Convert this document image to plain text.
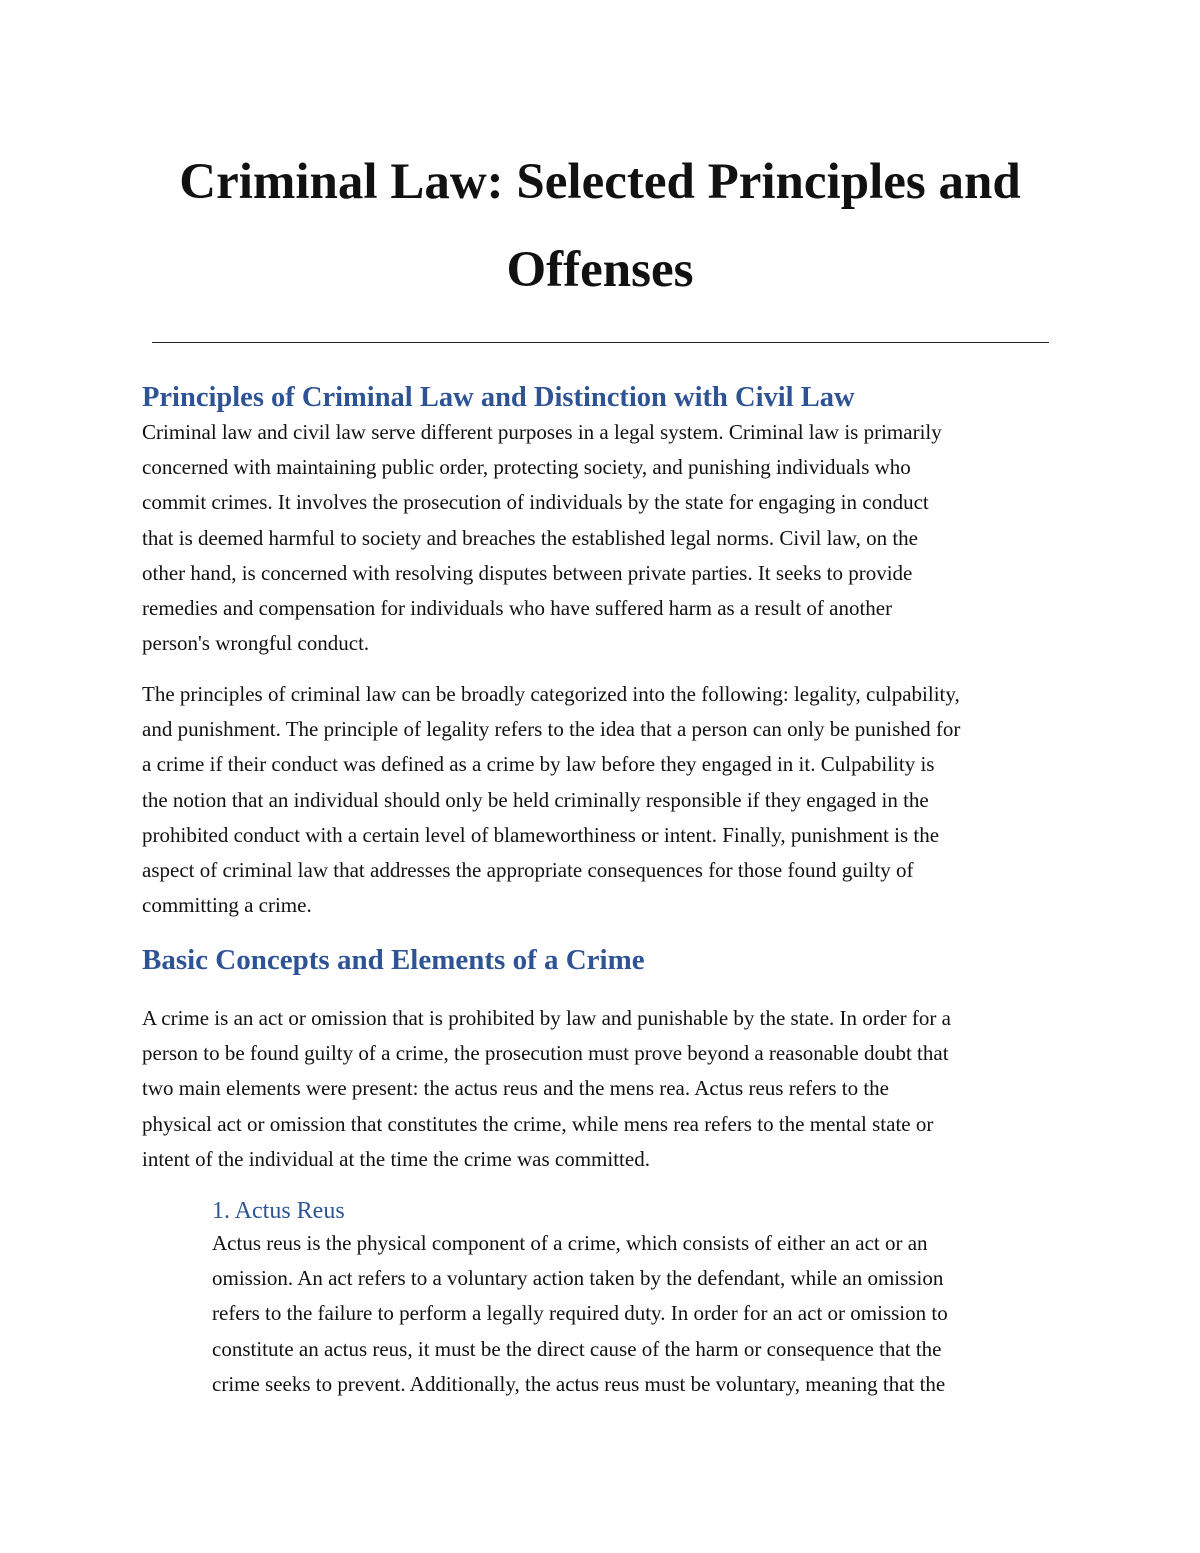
Criminal Law: Selected Principles and Offenses
Principles of Criminal Law and Distinction with Civil Law

Criminal law and civil law serve different purposes in a legal system. Criminal law is primarily
concerned with maintaining public order, protecting society, and punishing individuals who
commit crimes. It involves the prosecution of individuals by the state for engaging in conduct
that is deemed harmful to society and breaches the established legal norms. Civil law, on the
other hand, is concerned with resolving disputes between private parties. It seeks to provide
remedies and compensation for individuals who have suffered harm as a result of another
person's wrongful conduct.

The principles of criminal law can be broadly categorized into the following: legality, culpability,
and punishment. The principle of legality refers to the idea that a person can only be punished for
a crime if their conduct was defined as a crime by law before they engaged in it. Culpability is
the notion that an individual should only be held criminally responsible if they engaged in the
prohibited conduct with a certain level of blameworthiness or intent. Finally, punishment is the
aspect of criminal law that addresses the appropriate consequences for those found guilty of
committing a crime.

Basic Concepts and Elements of a Crime

A crime is an act or omission that is prohibited by law and punishable by the state. In order for a
person to be found guilty of a crime, the prosecution must prove beyond a reasonable doubt that
two main elements were present: the actus reus and the mens rea. Actus reus refers to the
physical act or omission that constitutes the crime, while mens rea refers to the mental state or
intent of the individual at the time the crime was committed.

1. Actus Reus

Actus reus is the physical component of a crime, which consists of either an act or an
omission. An act refers to a voluntary action taken by the defendant, while an omission
refers to the failure to perform a legally required duty. In order for an act or omission to
constitute an actus reus, it must be the direct cause of the harm or consequence that the
crime seeks to prevent. Additionally, the actus reus must be voluntary, meaning that the
